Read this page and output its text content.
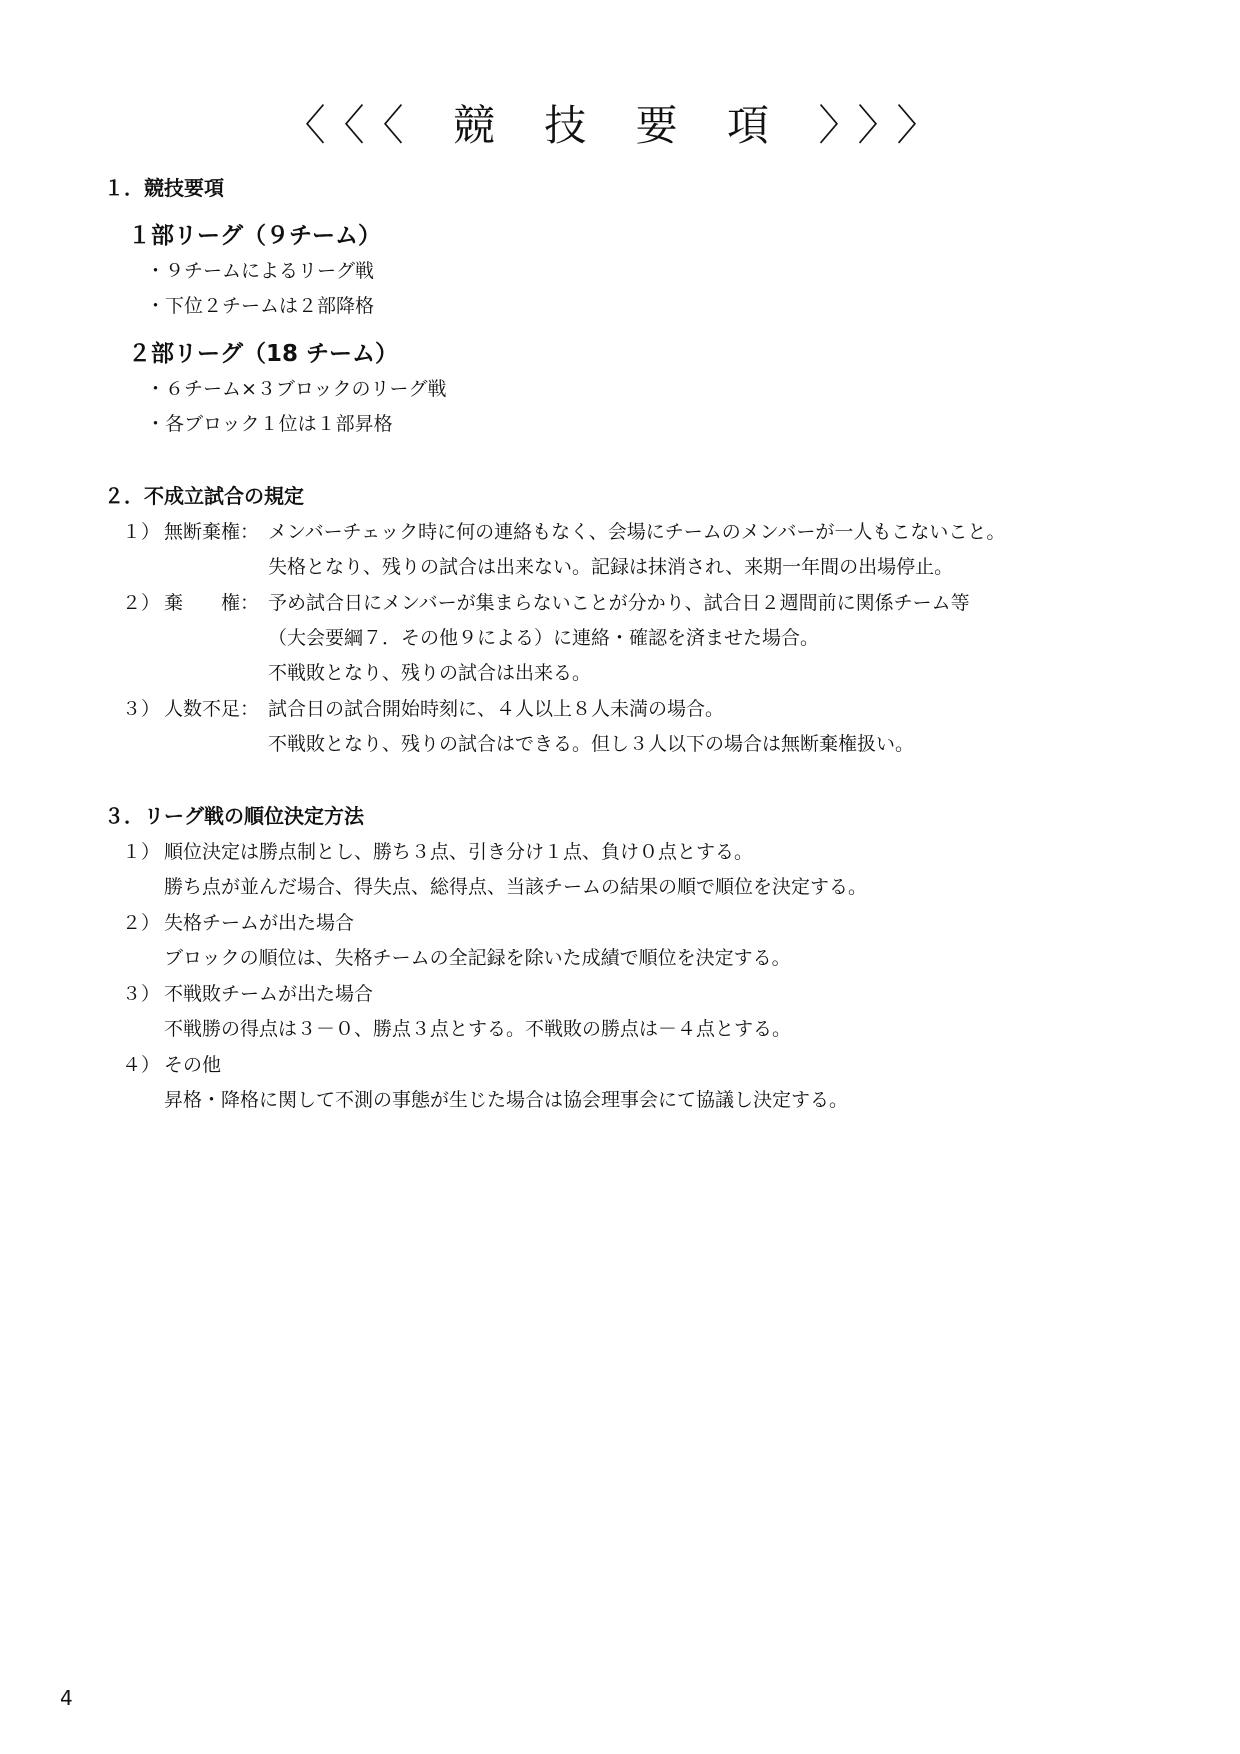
〈〈〈 競 技 要 項 〉〉〉
１．競技要項
１部リーグ（９チーム）
・９チームによるリーグ戦
・下位２チームは２部降格
２部リーグ（18 チーム）
・６チーム×３ブロックのリーグ戦
・各ブロック１位は１部昇格
２．不成立試合の規定
１） 無断棄権： メンバーチェック時に何の連絡もなく、会場にチームのメンバーが一人もこないこと。
失格となり、残りの試合は出来ない。記録は抹消され、来期一年間の出場停止。
２） 棄　　権： 予め試合日にメンバーが集まらないことが分かり、試合日２週間前に関係チーム等
（大会要綱７．その他９による）に連絡・確認を済ませた場合。
不戦敗となり、残りの試合は出来る。
３） 人数不足： 試合日の試合開始時刻に、４人以上８人未満の場合。
不戦敗となり、残りの試合はできる。但し３人以下の場合は無断棄権扱い。
３．リーグ戦の順位決定方法
１） 順位決定は勝点制とし、勝ち３点、引き分け１点、負け０点とする。
勝ち点が並んだ場合、得失点、総得点、当該チームの結果の順で順位を決定する。
２） 失格チームが出た場合
ブロックの順位は、失格チームの全記録を除いた成績で順位を決定する。
３） 不戦敗チームが出た場合
不戦勝の得点は３－０、勝点３点とする。不戦敗の勝点は－４点とする。
４） その他
昇格・降格に関して不測の事態が生じた場合は協会理事会にて協議し決定する。
4
